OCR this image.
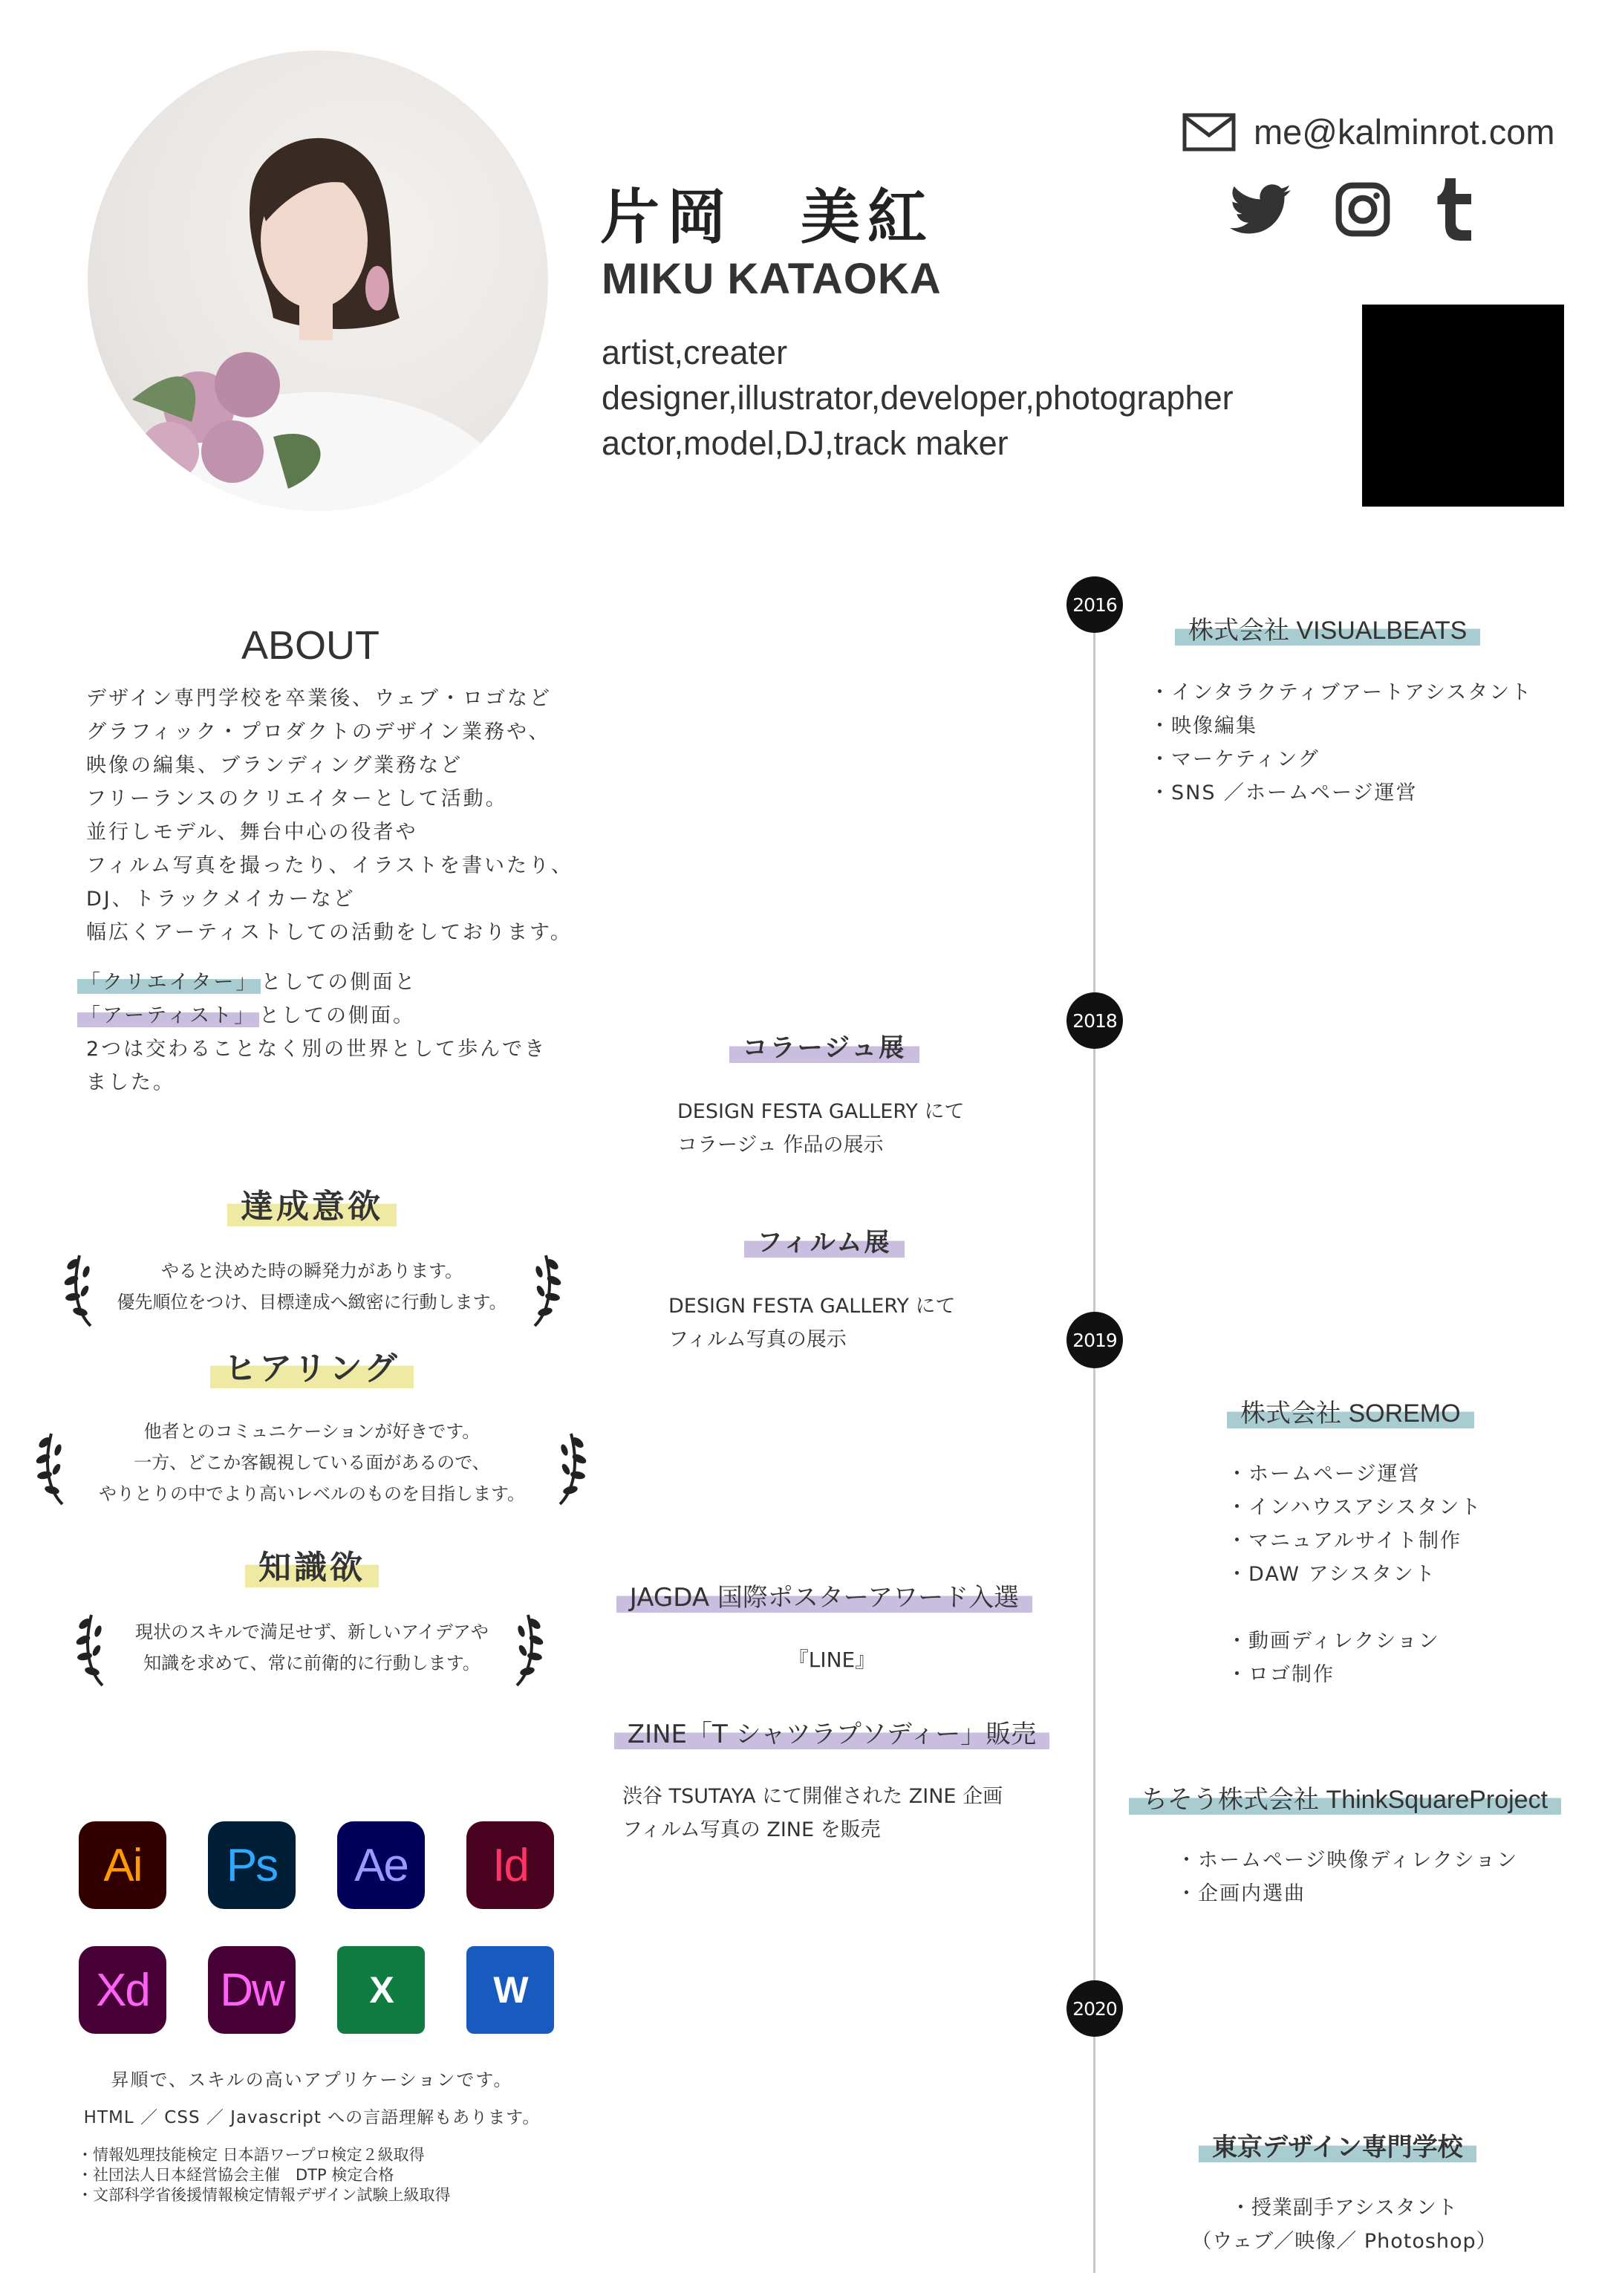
片岡　美紅
MIKU KATAOKA
artist,creater
designer,illustrator,developer,photographer
actor,model,DJ,track maker
me@kalminrot.com
ABOUT
デザイン専門学校を卒業後、ウェブ・ロゴなど
グラフィック・プロダクトのデザイン業務や、
映像の編集、ブランディング業務など
フリーランスのクリエイターとして活動。
並行しモデル、舞台中心の役者や
フィルム写真を撮ったり、イラストを書いたり、
DJ、トラックメイカーなど
幅広くアーティストしての活動をしております。
「クリエイター」 としての側面と
「アーティスト」 としての側面。
2つは交わることなく別の世界として歩んでき
ました。
達成意欲
やると決めた時の瞬発力があります。
優先順位をつけ、目標達成へ緻密に行動します。
ヒアリング
他者とのコミュニケーションが好きです。
一方、どこか客観視している面があるので、
やりとりの中でより高いレベルのものを目指します。
知識欲
現状のスキルで満足せず、新しいアイデアや
知識を求めて、常に前衛的に行動します。
Ai Ps Ae Id
Xd Dw X	W
昇順で、スキルの高いアプリケーションです。
HTML ／ CSS ／ Javascript への言語理解もあります。
・情報処理技能検定 日本語ワープロ検定２級取得
・社団法人日本経営協会主催　DTP 検定合格
・文部科学省後援情報検定情報デザイン試験上級取得
2016
2018
2019
2020
株式会社 VISUALBEATS
・インタラクティブアートアシスタント
・映像編集
・マーケティング
・SNS ／ホームページ運営
株式会社 SOREMO
・ホームページ運営
・インハウスアシスタント
・マニュアルサイト制作
・DAW アシスタント
・動画ディレクション
・ロゴ制作
ちそう株式会社 ThinkSquareProject
・ホームページ映像ディレクション
・企画内選曲
東京デザイン専門学校
・授業副手アシスタント
（ウェブ／映像／ Photoshop）
コラージュ展
DESIGN FESTA GALLERY にて
コラージュ 作品の展示
フィルム展
DESIGN FESTA GALLERY にて
フィルム写真の展示
JAGDA 国際ポスターアワード入選
『LINE』
ZINE「T シャツラプソディー」販売
渋谷 TSUTAYA にて開催された ZINE 企画
フィルム写真の ZINE を販売
